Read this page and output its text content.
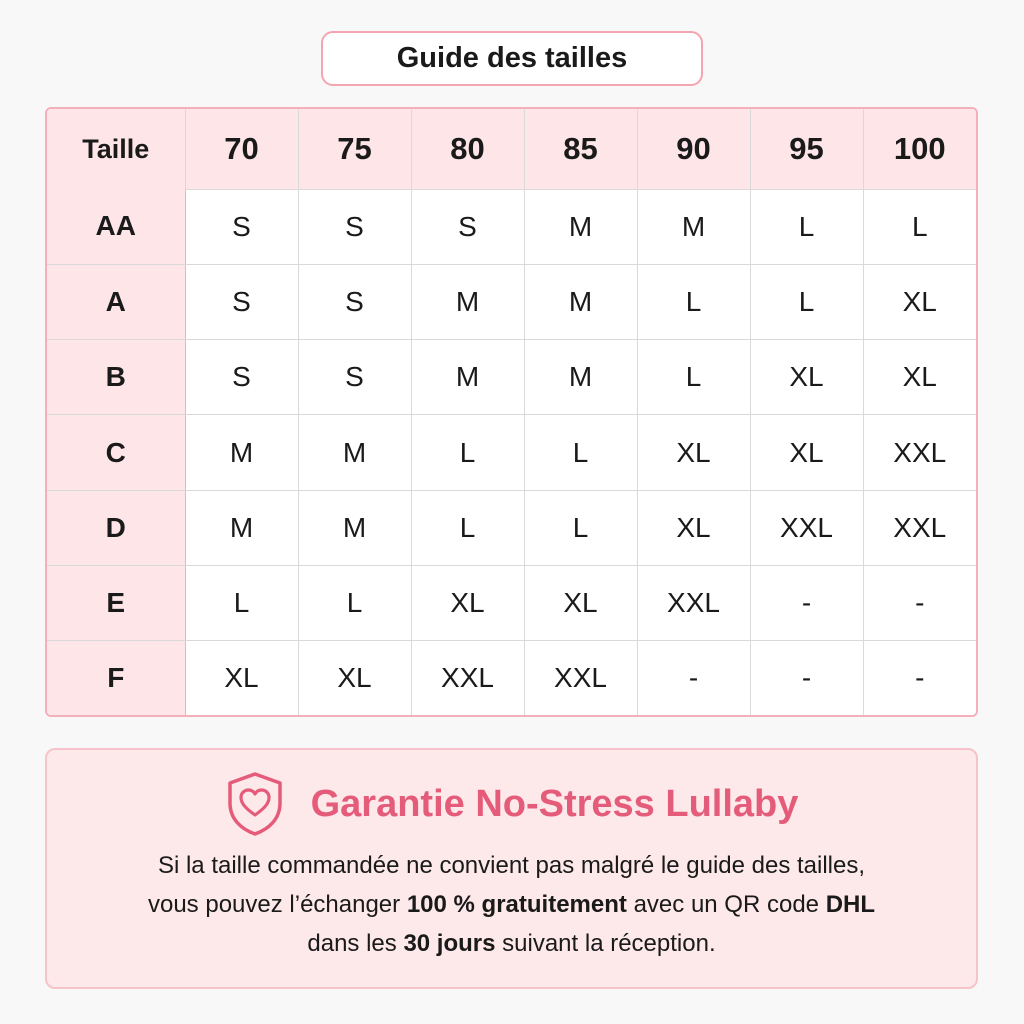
Guide des tailles
Taille	70	75	80	85	90	95	100
AA	S	S	S	M	M	L	L
A	S	S	M	M	L	L	XL
B	S	S	M	M	L	XL	XL
C	M	M	L	L	XL	XL	XXL
D	M	M	L	L	XL	XXL	XXL
E	L	L	XL	XL	XXL	-	-
F	XL	XL	XXL	XXL	-	-	-
Garantie No-Stress Lullaby
Si la taille commandée ne convient pas malgré le guide des tailles,
vous pouvez l’échanger 100 % gratuitement avec un QR code DHL
dans les 30 jours suivant la réception.
